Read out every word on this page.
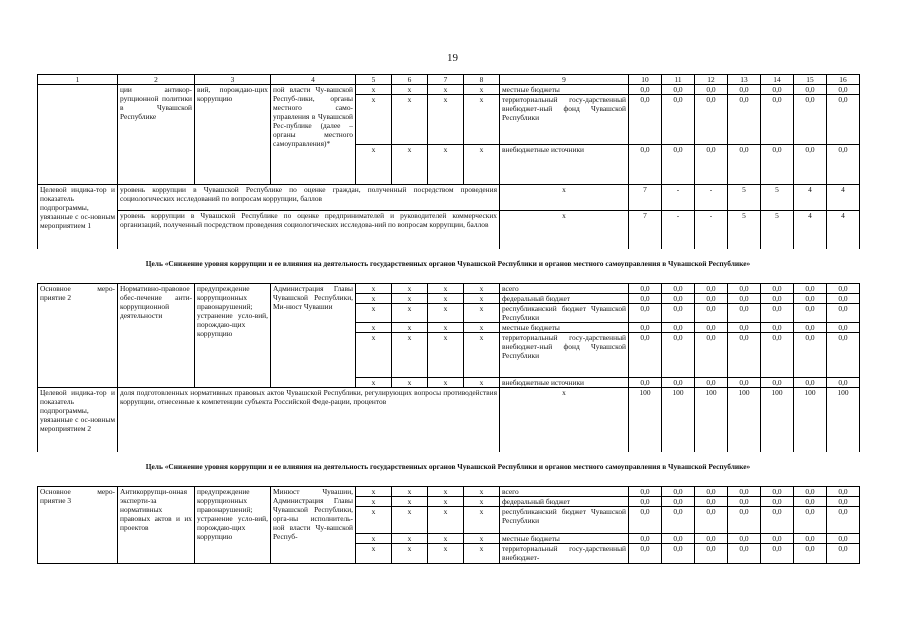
19
1	2	3	4	5	6	7	8	9	10	11	12	13	14	15	16
	ции антикор-рупционной политики в Чувашской Республике	вий, порождаю-щих коррупцию	пой власти Чу-вашской Респуб-лики, органы местного само-управления в Чувашской Рес-публике (далее – органы местного самоуправления)*	x	x	x	x	местные бюджеты	0,0	0,0	0,0	0,0	0,0	0,0	0,0
				x	x	x	x	территориальный госу-дарственный внебюджет-ный фонд Чувашской Республики	0,0	0,0	0,0	0,0	0,0	0,0	0,0
				x	x	x	x	внебюджетные источники	0,0	0,0	0,0	0,0	0,0	0,0	0,0
Целевой индика-тор и показатель подпрограммы, увязанные с ос-новным мероприятием 1	уровень коррупции в Чувашской Республике по оценке граждан, полученный посредством проведения социологических исследований по вопросам коррупции, баллов							x	7	-	-	5	5	4	4
	уровень коррупции в Чувашской Республике по оценке предпринимателей и руководителей коммерческих организаций, полученный посредством проведения социологических исследова-ний по вопросам коррупции, баллов							x	7	-	-	5	5	4	4
Цель «Снижение уровня коррупции и ее влияния на деятельность государственных органов Чувашской Республики и органов местного самоуправления в Чувашской Республике»
Основное меро-приятие 2	Нормативно-правовое обес-печение анти-коррупционной деятельности	предупреждение коррупционных правонарушений; устранение усло-вий, порождаю-щих коррупцию	Администрация Главы Чувашской Республики, Ми-нюст Чувашии	x	x	x	x	всего	0,0	0,0	0,0	0,0	0,0	0,0	0,0
				x	x	x	x	федеральный бюджет	0,0	0,0	0,0	0,0	0,0	0,0	0,0
				x	x	x	x	республиканский бюджет Чувашской Республики	0,0	0,0	0,0	0,0	0,0	0,0	0,0
				x	x	x	x	местные бюджеты	0,0	0,0	0,0	0,0	0,0	0,0	0,0
				x	x	x	x	территориальный госу-дарственный внебюджет-ный фонд Чувашской Республики	0,0	0,0	0,0	0,0	0,0	0,0	0,0
				x	x	x	x	внебюджетные источники	0,0	0,0	0,0	0,0	0,0	0,0	0,0
Целевой индика-тор и показатель подпрограммы, увязанные с ос-новным мероприятием 2	доля подготовленных нормативных правовых актов Чувашской Республики, регулирующих вопросы противодействия коррупции, отнесенные к компетенции субъекта Российской Феде-рации, процентов							x	100	100	100	100	100	100	100
Цель «Снижение уровня коррупции и ее влияния на деятельность государственных органов Чувашской Республики и органов местного самоуправления в Чувашской Республике»
Основное меро-приятие 3	Антикоррупци-онная эксперти-за нормативных правовых актов и их проектов	предупреждение коррупционных правонарушений; устранение усло-вий, порождаю-щих коррупцию	Минюст Чувашии, Администрация Главы Чувашской Республики, орга-ны исполнитель-ной власти Чу-вашской Респуб-	x	x	x	x	всего	0,0	0,0	0,0	0,0	0,0	0,0	0,0
				x	x	x	x	федеральный бюджет	0,0	0,0	0,0	0,0	0,0	0,0	0,0
				x	x	x	x	республиканский бюджет Чувашской Республики	0,0	0,0	0,0	0,0	0,0	0,0	0,0
				x	x	x	x	местные бюджеты	0,0	0,0	0,0	0,0	0,0	0,0	0,0
				x	x	x	x	территориальный госу-дарственный внебюджет-	0,0	0,0	0,0	0,0	0,0	0,0	0,0
